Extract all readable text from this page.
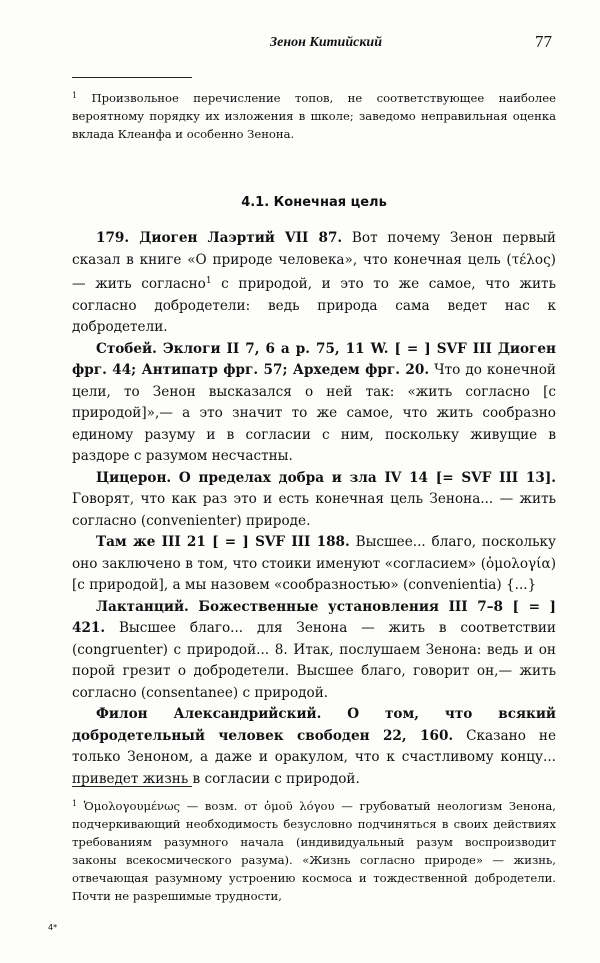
Зенон Китийский	77
$^1$ Произвольное перечисление топов, не соответствующее наиболее вероятному порядку их изложения в школе; заведомо неправильная оценка вклада Клеанфа и особенно Зенона.
4.1. Конечная цель

179. Диоген Лаэртий VII 87. Вот почему Зенон первый сказал в книге «О природе человека», что конечная цель (τέλος) — жить согласно$^1$ с природой, и это то же самое, что жить согласно добродетели: ведь природа сама ведет нас к добродетели.

Стобей. Эклоги II 7, 6 а р. 75, 11 W. [ = ] SVF III Диоген фрг. 44; Антипатр фрг. 57; Архедем фрг. 20. Что до конечной цели, то Зенон высказался о ней так: «жить согласно [с природой]»,— а это значит то же самое, что жить сообразно единому разуму и в согласии с ним, поскольку живущие в раздоре с разумом несчастны.

Цицерон. О пределах добра и зла IV 14 [= SVF III 13]. Говорят, что как раз это и есть конечная цель Зенона... — жить согласно (convenienter) природе.

Там же III 21 [ = ] SVF III 188. Высшее... благо, поскольку оно заключено в том, что стоики именуют «согласием» (ὁμολογία) [с природой], а мы назовем «сообразностью» (convenientia) {...}

Лактанций. Божественные установления III 7–8 [ = ] 421. Высшее благо... для Зенона — жить в соответствии (congruenter) с природой... 8. Итак, послушаем Зенона: ведь и он порой грезит о добродетели. Высшее благо, говорит он,— жить согласно (consentanee) с природой.

Филон Александрийский. О том, что всякий добродетельный человек свободен 22, 160. Сказано не только Зеноном, а даже и оракулом, что к счастливому концу... приведет жизнь в согласии с природой.

$^1$ Ὁμολογουμένως — возм. от ὁμοῦ λόγου — грубоватый неологизм Зенона, подчеркивающий необходимость безусловно подчиняться в своих действиях требованиям разумного начала (индивидуальный разум воспроизводит законы всекосмического разума). «Жизнь согласно природе» — жизнь, отвечающая разумному устроению космоса и тождественной добродетели. Почти не разрешимые трудности,
4*
